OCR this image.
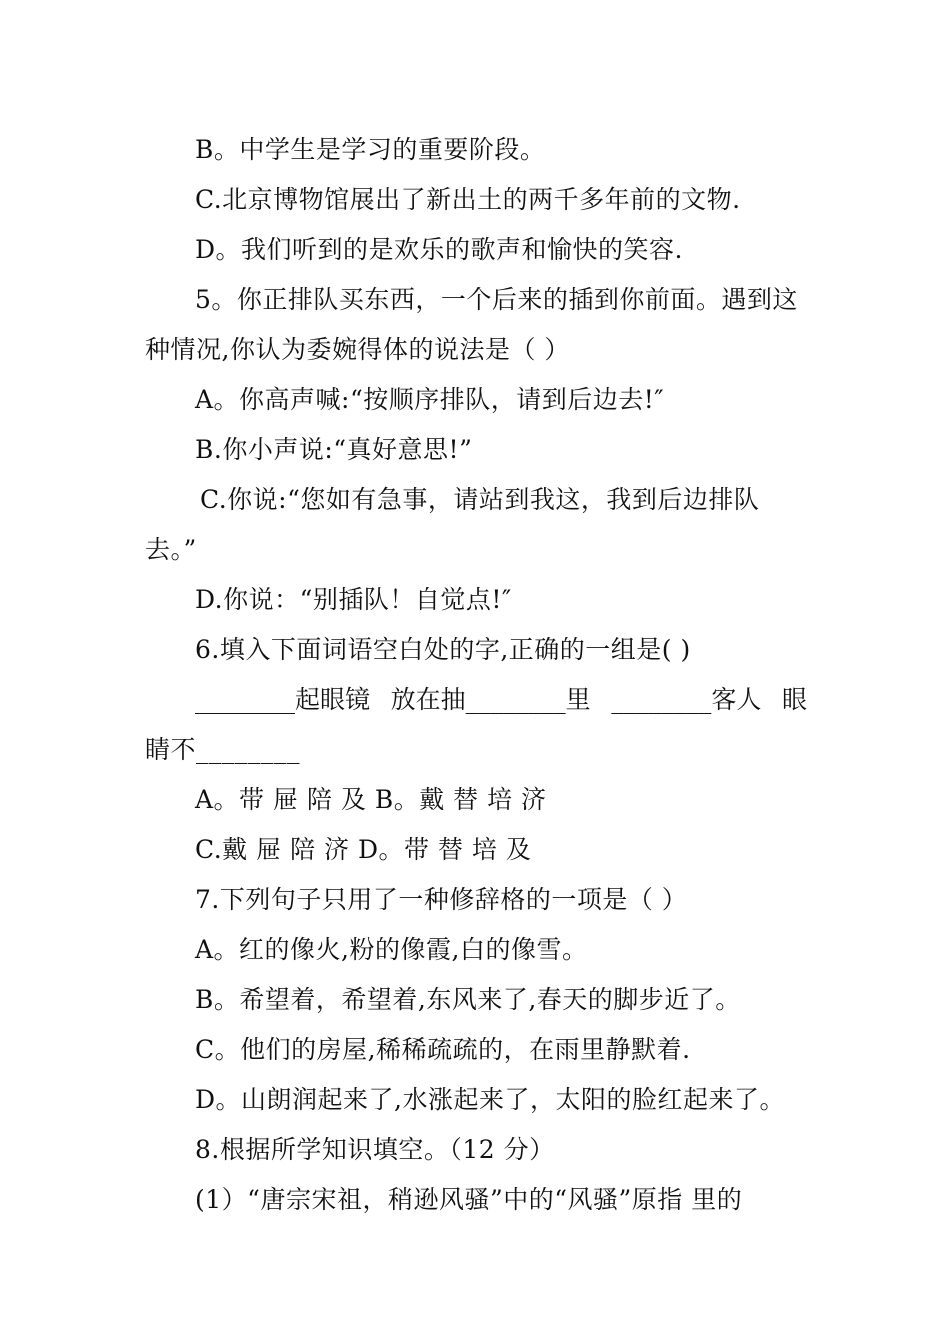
B。中学生是学习的重要阶段。
C.北京博物馆展出了新出土的两千多年前的文物.
D。我们听到的是欢乐的歌声和愉快的笑容.
5。你正排队买东西，一个后来的插到你前面。遇到这
种情况,你认为委婉得体的说法是（ ）
A。你高声喊:“按顺序排队，请到后边去!″
B.你小声说:“真好意思!”
C.你说:“您如有急事，请站到我这，我到后边排队
去。”
D.你说：“别插队！自觉点!″
6.填入下面词语空白处的字,正确的一组是( )
________起眼镜 放在抽________里 ________客人 眼
睛不________
A。带 屉 陪 及 B。戴 替 培 济
C.戴 屉 陪 济 D。带 替 培 及
7.下列句子只用了一种修辞格的一项是（ ）
A。红的像火,粉的像霞,白的像雪。
B。希望着，希望着,东风来了,春天的脚步近了。
C。他们的房屋,稀稀疏疏的，在雨里静默着.
D。山朗润起来了,水涨起来了，太阳的脸红起来了。
8.根据所学知识填空。（12 分）
(1）“唐宗宋祖，稍逊风骚”中的“风骚”原指 里的
